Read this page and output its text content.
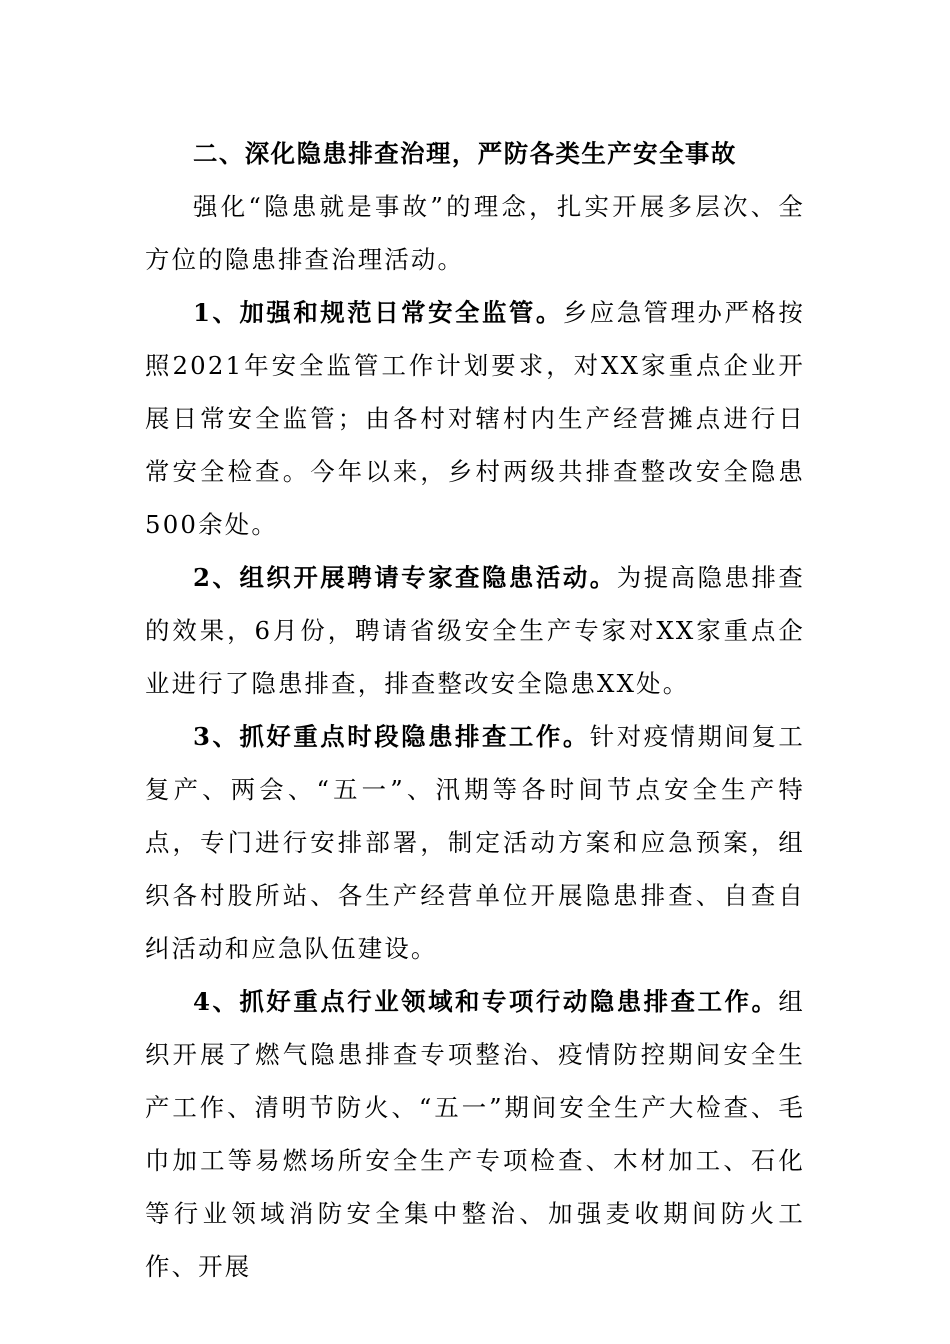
二、深化隐患排查治理，严防各类生产安全事故

强化“隐患就是事故”的理念，扎实开展多层次、全方位的隐患排查治理活动。

1、加强和规范日常安全监管。乡应急管理办严格按照2021年安全监管工作计划要求，对XX家重点企业开展日常安全监管；由各村对辖村内生产经营摊点进行日常安全检查。今年以来，乡村两级共排查整改安全隐患500余处。

2、组织开展聘请专家查隐患活动。为提高隐患排查的效果，6月份，聘请省级安全生产专家对XX家重点企业进行了隐患排查，排查整改安全隐患XX处。

3、抓好重点时段隐患排查工作。针对疫情期间复工复产、两会、“五一”、汛期等各时间节点安全生产特点，专门进行安排部署，制定活动方案和应急预案，组织各村股所站、各生产经营单位开展隐患排查、自查自纠活动和应急队伍建设。

4、抓好重点行业领域和专项行动隐患排查工作。组织开展了燃气隐患排查专项整治、疫情防控期间安全生产工作、清明节防火、“五一”期间安全生产大检查、毛巾加工等易燃场所安全生产专项检查、木材加工、石化等行业领域消防安全集中整治、加强麦收期间防火工作、开展
